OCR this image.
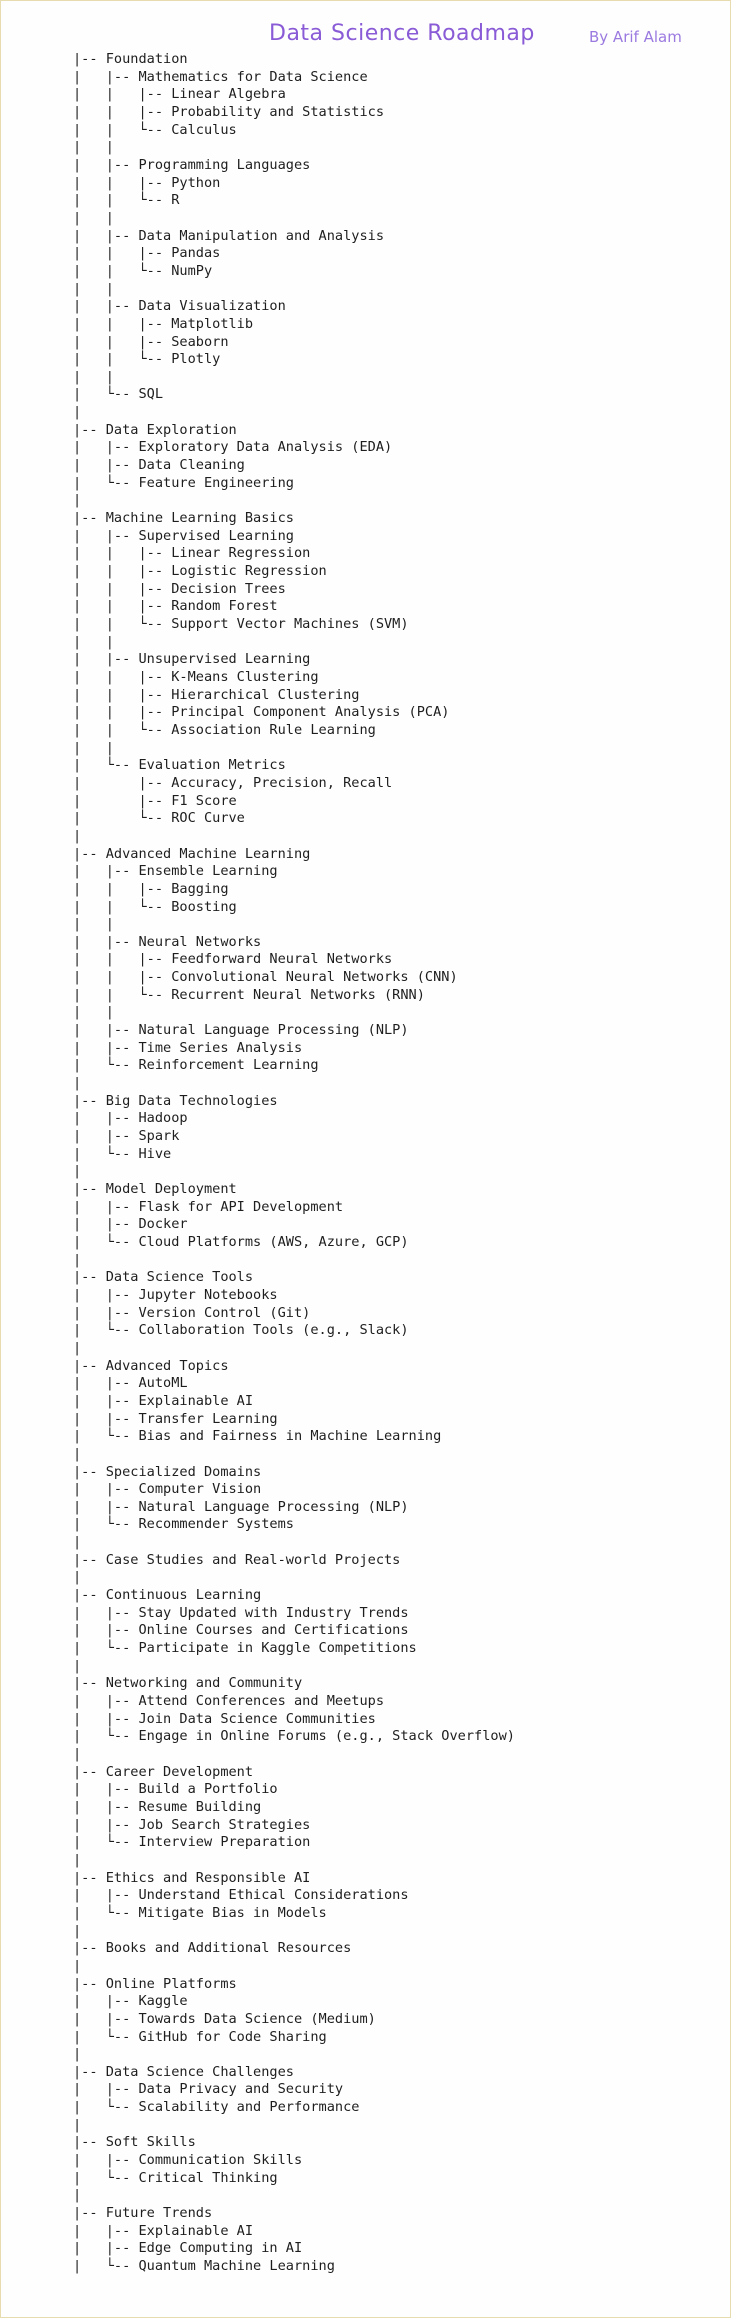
Data Science Roadmap	By Arif Alam
|-- Foundation
|   |-- Mathematics for Data Science
|   |   |-- Linear Algebra
|   |   |-- Probability and Statistics
|   |   └-- Calculus
|   |
|   |-- Programming Languages
|   |   |-- Python
|   |   └-- R
|   |
|   |-- Data Manipulation and Analysis
|   |   |-- Pandas
|   |   └-- NumPy
|   |
|   |-- Data Visualization
|   |   |-- Matplotlib
|   |   |-- Seaborn
|   |   └-- Plotly
|   |
|   └-- SQL
|
|-- Data Exploration
|   |-- Exploratory Data Analysis (EDA)
|   |-- Data Cleaning
|   └-- Feature Engineering
|
|-- Machine Learning Basics
|   |-- Supervised Learning
|   |   |-- Linear Regression
|   |   |-- Logistic Regression
|   |   |-- Decision Trees
|   |   |-- Random Forest
|   |   └-- Support Vector Machines (SVM)
|   |
|   |-- Unsupervised Learning
|   |   |-- K-Means Clustering
|   |   |-- Hierarchical Clustering
|   |   |-- Principal Component Analysis (PCA)
|   |   └-- Association Rule Learning
|   |
|   └-- Evaluation Metrics
|       |-- Accuracy, Precision, Recall
|       |-- F1 Score
|       └-- ROC Curve
|
|-- Advanced Machine Learning
|   |-- Ensemble Learning
|   |   |-- Bagging
|   |   └-- Boosting
|   |
|   |-- Neural Networks
|   |   |-- Feedforward Neural Networks
|   |   |-- Convolutional Neural Networks (CNN)
|   |   └-- Recurrent Neural Networks (RNN)
|   |
|   |-- Natural Language Processing (NLP)
|   |-- Time Series Analysis
|   └-- Reinforcement Learning
|
|-- Big Data Technologies
|   |-- Hadoop
|   |-- Spark
|   └-- Hive
|
|-- Model Deployment
|   |-- Flask for API Development
|   |-- Docker
|   └-- Cloud Platforms (AWS, Azure, GCP)
|
|-- Data Science Tools
|   |-- Jupyter Notebooks
|   |-- Version Control (Git)
|   └-- Collaboration Tools (e.g., Slack)
|
|-- Advanced Topics
|   |-- AutoML
|   |-- Explainable AI
|   |-- Transfer Learning
|   └-- Bias and Fairness in Machine Learning
|
|-- Specialized Domains
|   |-- Computer Vision
|   |-- Natural Language Processing (NLP)
|   └-- Recommender Systems
|
|-- Case Studies and Real-world Projects
|
|-- Continuous Learning
|   |-- Stay Updated with Industry Trends
|   |-- Online Courses and Certifications
|   └-- Participate in Kaggle Competitions
|
|-- Networking and Community
|   |-- Attend Conferences and Meetups
|   |-- Join Data Science Communities
|   └-- Engage in Online Forums (e.g., Stack Overflow)
|
|-- Career Development
|   |-- Build a Portfolio
|   |-- Resume Building
|   |-- Job Search Strategies
|   └-- Interview Preparation
|
|-- Ethics and Responsible AI
|   |-- Understand Ethical Considerations
|   └-- Mitigate Bias in Models
|
|-- Books and Additional Resources
|
|-- Online Platforms
|   |-- Kaggle
|   |-- Towards Data Science (Medium)
|   └-- GitHub for Code Sharing
|
|-- Data Science Challenges
|   |-- Data Privacy and Security
|   └-- Scalability and Performance
|
|-- Soft Skills
|   |-- Communication Skills
|   └-- Critical Thinking
|
|-- Future Trends
|   |-- Explainable AI
|   |-- Edge Computing in AI
|   └-- Quantum Machine Learning
